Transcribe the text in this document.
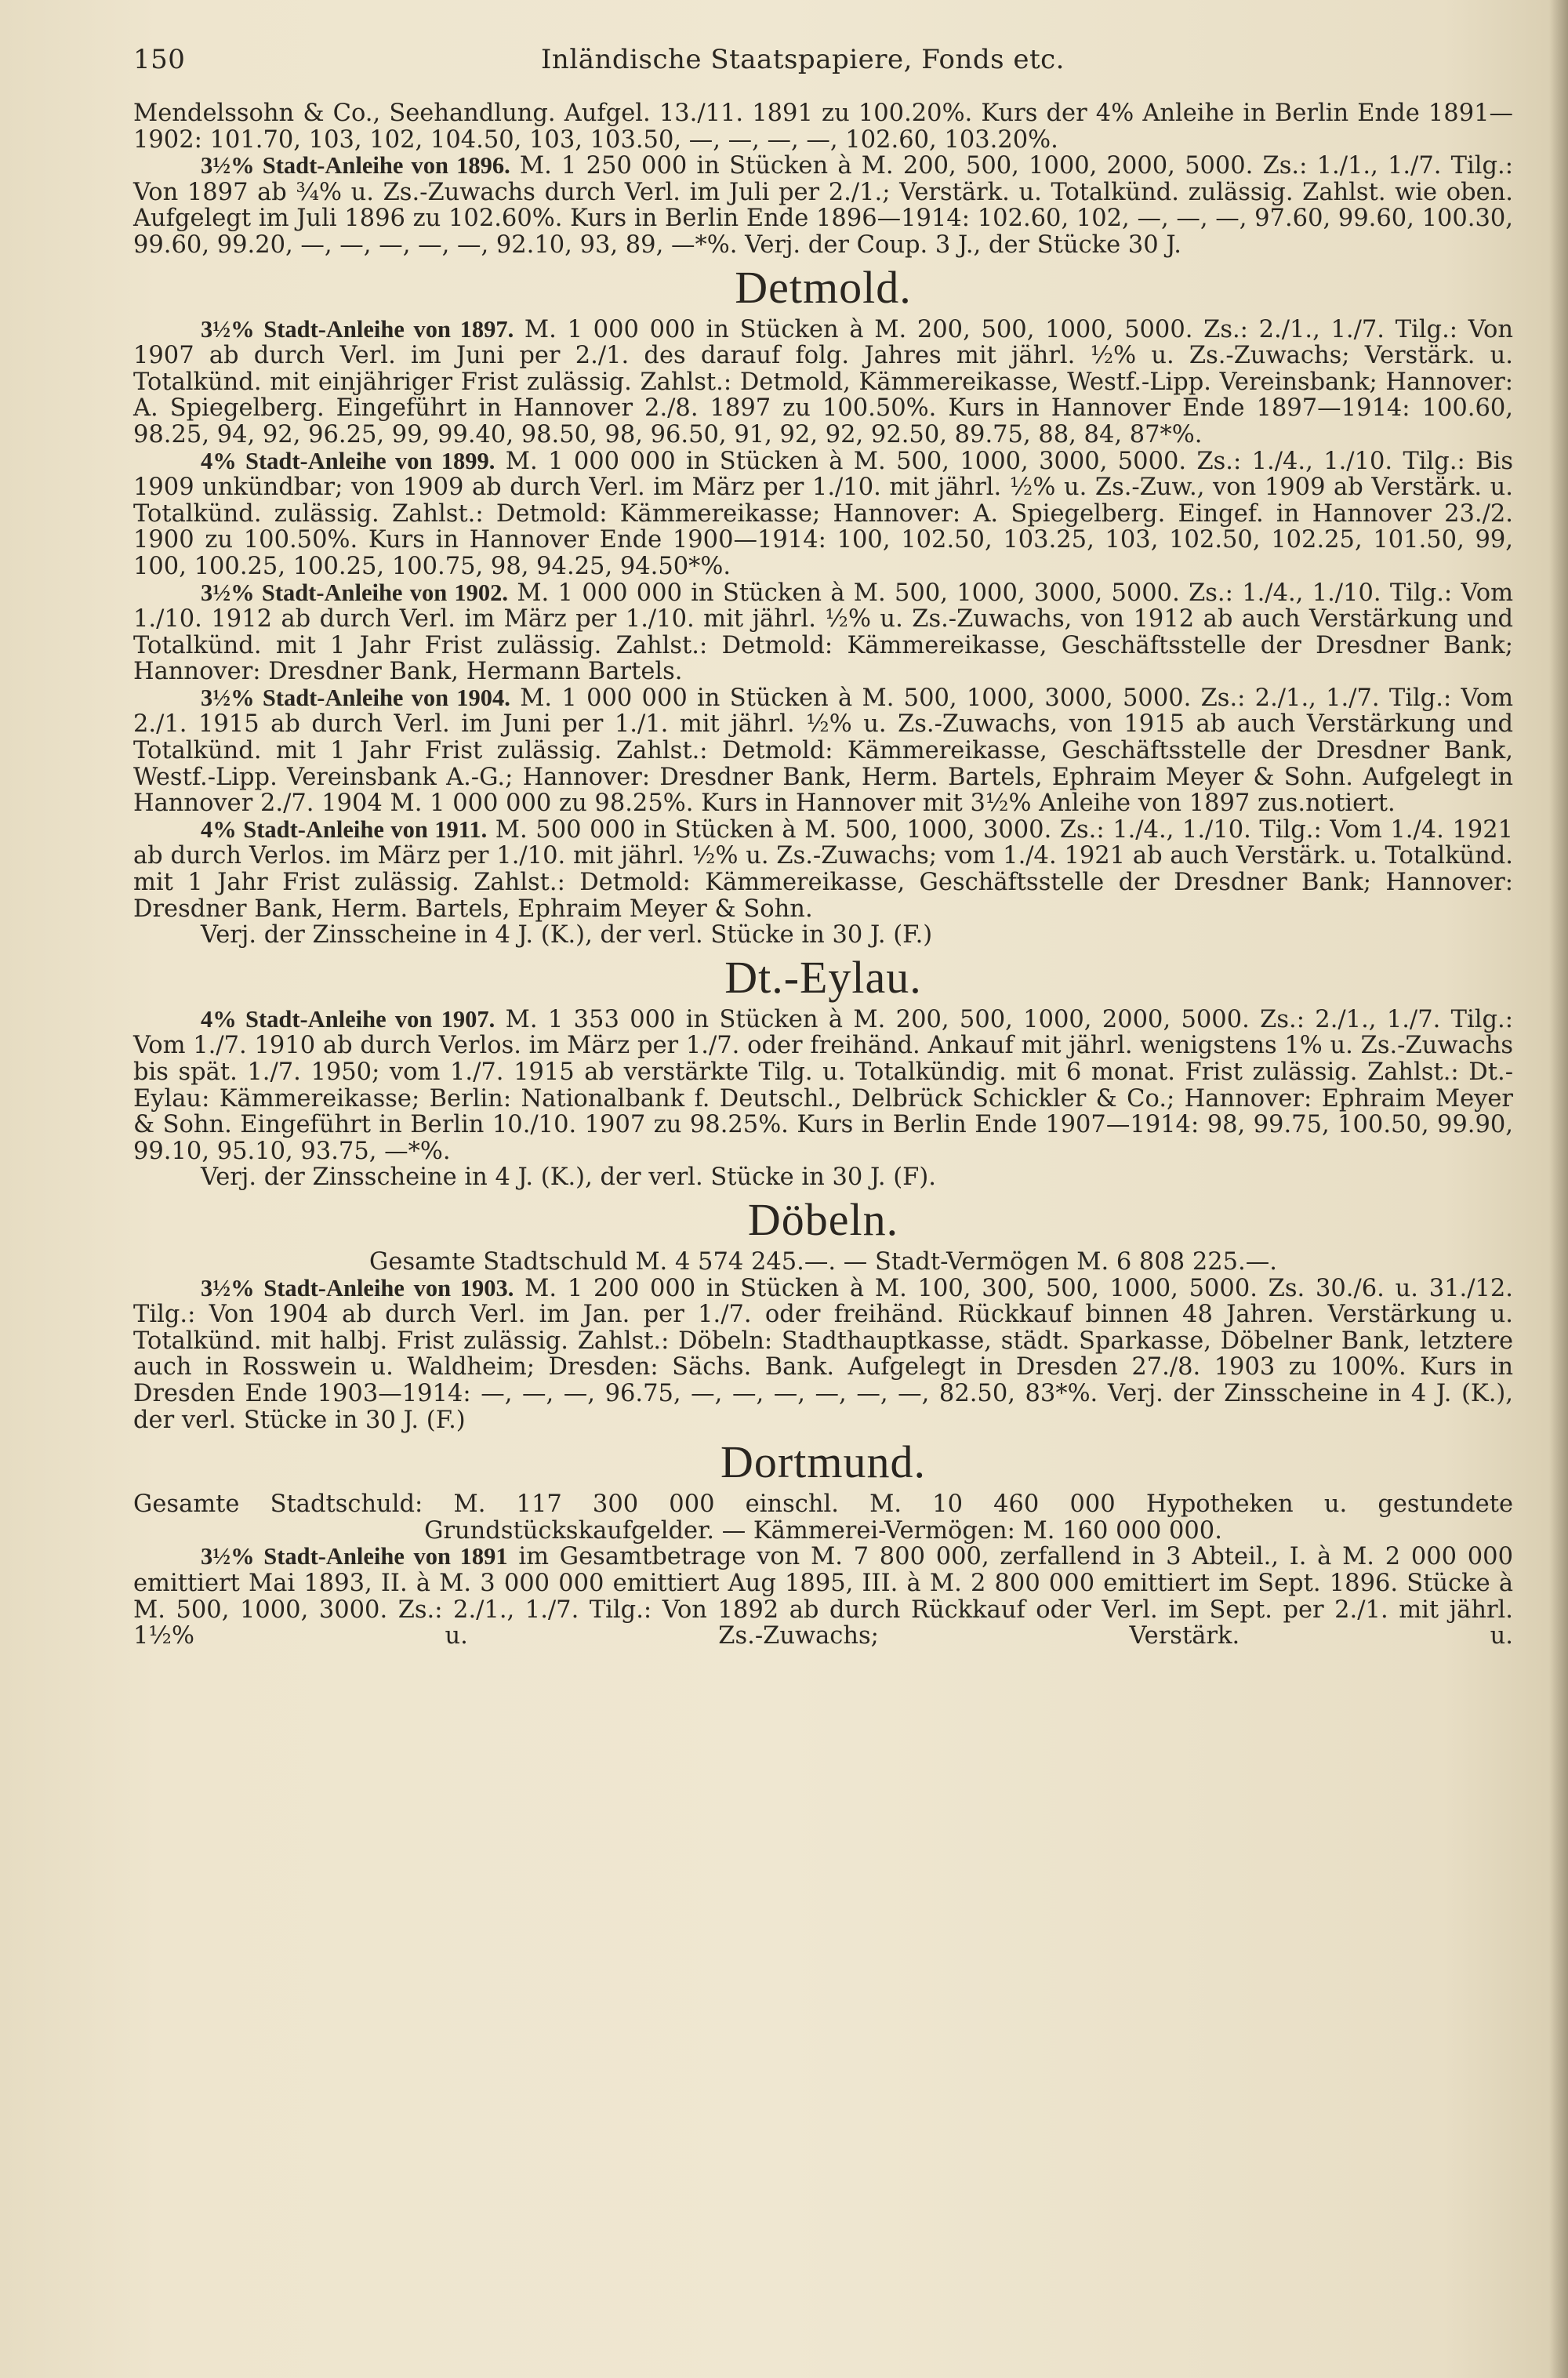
150	Inländische Staatspapiere, Fonds etc.

Mendelssohn & Co., Seehandlung. Aufgel. 13./11. 1891 zu 100.20%. Kurs der 4% Anleihe in Berlin Ende 1891—1902: 101.70, 103, 102, 104.50, 103, 103.50, —, —, —, —, 102.60, 103.20%.

3½% Stadt-Anleihe von 1896. M. 1 250 000 in Stücken à M. 200, 500, 1000, 2000, 5000. Zs.: 1./1., 1./7. Tilg.: Von 1897 ab ¾% u. Zs.-Zuwachs durch Verl. im Juli per 2./1.; Verstärk. u. Totalkünd. zulässig. Zahlst. wie oben. Aufgelegt im Juli 1896 zu 102.60%. Kurs in Berlin Ende 1896—1914: 102.60, 102, —, —, —, 97.60, 99.60, 100.30, 99.60, 99.20, —, —, —, —, —, 92.10, 93, 89, —*%. Verj. der Coup. 3 J., der Stücke 30 J.

Detmold.

3½% Stadt-Anleihe von 1897. M. 1 000 000 in Stücken à M. 200, 500, 1000, 5000. Zs.: 2./1., 1./7. Tilg.: Von 1907 ab durch Verl. im Juni per 2./1. des darauf folg. Jahres mit jährl. ½% u. Zs.-Zuwachs; Verstärk. u. Totalkünd. mit einjähriger Frist zulässig. Zahlst.: Detmold, Kämmereikasse, Westf.-Lipp. Vereinsbank; Hannover: A. Spiegelberg. Eingeführt in Hannover 2./8. 1897 zu 100.50%. Kurs in Hannover Ende 1897—1914: 100.60, 98.25, 94, 92, 96.25, 99, 99.40, 98.50, 98, 96.50, 91, 92, 92, 92.50, 89.75, 88, 84, 87*%.

4% Stadt-Anleihe von 1899. M. 1 000 000 in Stücken à M. 500, 1000, 3000, 5000. Zs.: 1./4., 1./10. Tilg.: Bis 1909 unkündbar; von 1909 ab durch Verl. im März per 1./10. mit jährl. ½% u. Zs.-Zuw., von 1909 ab Verstärk. u. Totalkünd. zulässig. Zahlst.: Detmold: Kämmereikasse; Hannover: A. Spiegelberg. Eingef. in Hannover 23./2. 1900 zu 100.50%. Kurs in Hannover Ende 1900—1914: 100, 102.50, 103.25, 103, 102.50, 102.25, 101.50, 99, 100, 100.25, 100.25, 100.75, 98, 94.25, 94.50*%.

3½% Stadt-Anleihe von 1902. M. 1 000 000 in Stücken à M. 500, 1000, 3000, 5000. Zs.: 1./4., 1./10. Tilg.: Vom 1./10. 1912 ab durch Verl. im März per 1./10. mit jährl. ½% u. Zs.-Zuwachs, von 1912 ab auch Verstärkung und Totalkünd. mit 1 Jahr Frist zulässig. Zahlst.: Detmold: Kämmereikasse, Geschäftsstelle der Dresdner Bank; Hannover: Dresdner Bank, Hermann Bartels.

3½% Stadt-Anleihe von 1904. M. 1 000 000 in Stücken à M. 500, 1000, 3000, 5000. Zs.: 2./1., 1./7. Tilg.: Vom 2./1. 1915 ab durch Verl. im Juni per 1./1. mit jährl. ½% u. Zs.-Zuwachs, von 1915 ab auch Verstärkung und Totalkünd. mit 1 Jahr Frist zulässig. Zahlst.: Detmold: Kämmereikasse, Geschäftsstelle der Dresdner Bank, Westf.-Lipp. Vereinsbank A.-G.; Hannover: Dresdner Bank, Herm. Bartels, Ephraim Meyer & Sohn. Aufgelegt in Hannover 2./7. 1904 M. 1 000 000 zu 98.25%. Kurs in Hannover mit 3½% Anleihe von 1897 zus.notiert.

4% Stadt-Anleihe von 1911. M. 500 000 in Stücken à M. 500, 1000, 3000. Zs.: 1./4., 1./10. Tilg.: Vom 1./4. 1921 ab durch Verlos. im März per 1./10. mit jährl. ½% u. Zs.-Zuwachs; vom 1./4. 1921 ab auch Verstärk. u. Totalkünd. mit 1 Jahr Frist zulässig. Zahlst.: Detmold: Kämmereikasse, Geschäftsstelle der Dresdner Bank; Hannover: Dresdner Bank, Herm. Bartels, Ephraim Meyer & Sohn.

Verj. der Zinsscheine in 4 J. (K.), der verl. Stücke in 30 J. (F.)

Dt.-Eylau.

4% Stadt-Anleihe von 1907. M. 1 353 000 in Stücken à M. 200, 500, 1000, 2000, 5000. Zs.: 2./1., 1./7. Tilg.: Vom 1./7. 1910 ab durch Verlos. im März per 1./7. oder freihänd. Ankauf mit jährl. wenigstens 1% u. Zs.-Zuwachs bis spät. 1./7. 1950; vom 1./7. 1915 ab verstärkte Tilg. u. Totalkündig. mit 6 monat. Frist zulässig. Zahlst.: Dt.-Eylau: Kämmereikasse; Berlin: Nationalbank f. Deutschl., Delbrück Schickler & Co.; Hannover: Ephraim Meyer & Sohn. Eingeführt in Berlin 10./10. 1907 zu 98.25%. Kurs in Berlin Ende 1907—1914: 98, 99.75, 100.50, 99.90, 99.10, 95.10, 93.75, —*%.

Verj. der Zinsscheine in 4 J. (K.), der verl. Stücke in 30 J. (F).

Döbeln.

Gesamte Stadtschuld M. 4 574 245.—. — Stadt-Vermögen M. 6 808 225.—.

3½% Stadt-Anleihe von 1903. M. 1 200 000 in Stücken à M. 100, 300, 500, 1000, 5000. Zs. 30./6. u. 31./12. Tilg.: Von 1904 ab durch Verl. im Jan. per 1./7. oder freihänd. Rückkauf binnen 48 Jahren. Verstärkung u. Totalkünd. mit halbj. Frist zulässig. Zahlst.: Döbeln: Stadthauptkasse, städt. Sparkasse, Döbelner Bank, letztere auch in Rosswein u. Waldheim; Dresden: Sächs. Bank. Aufgelegt in Dresden 27./8. 1903 zu 100%. Kurs in Dresden Ende 1903—1914: —, —, —, 96.75, —, —, —, —, —, —, 82.50, 83*%. Verj. der Zinsscheine in 4 J. (K.), der verl. Stücke in 30 J. (F.)

Dortmund.

Gesamte Stadtschuld: M. 117 300 000 einschl. M. 10 460 000 Hypotheken u. gestundete

Grundstückskaufgelder. — Kämmerei-Vermögen: M. 160 000 000.

3½% Stadt-Anleihe von 1891 im Gesamtbetrage von M. 7 800 000, zerfallend in 3 Abteil., I. à M. 2 000 000 emittiert Mai 1893, II. à M. 3 000 000 emittiert Aug 1895, III. à M. 2 800 000 emittiert im Sept. 1896. Stücke à M. 500, 1000, 3000. Zs.: 2./1., 1./7. Tilg.: Von 1892 ab durch Rückkauf oder Verl. im Sept. per 2./1. mit jährl. 1½% u. Zs.-Zuwachs; Verstärk. u.
